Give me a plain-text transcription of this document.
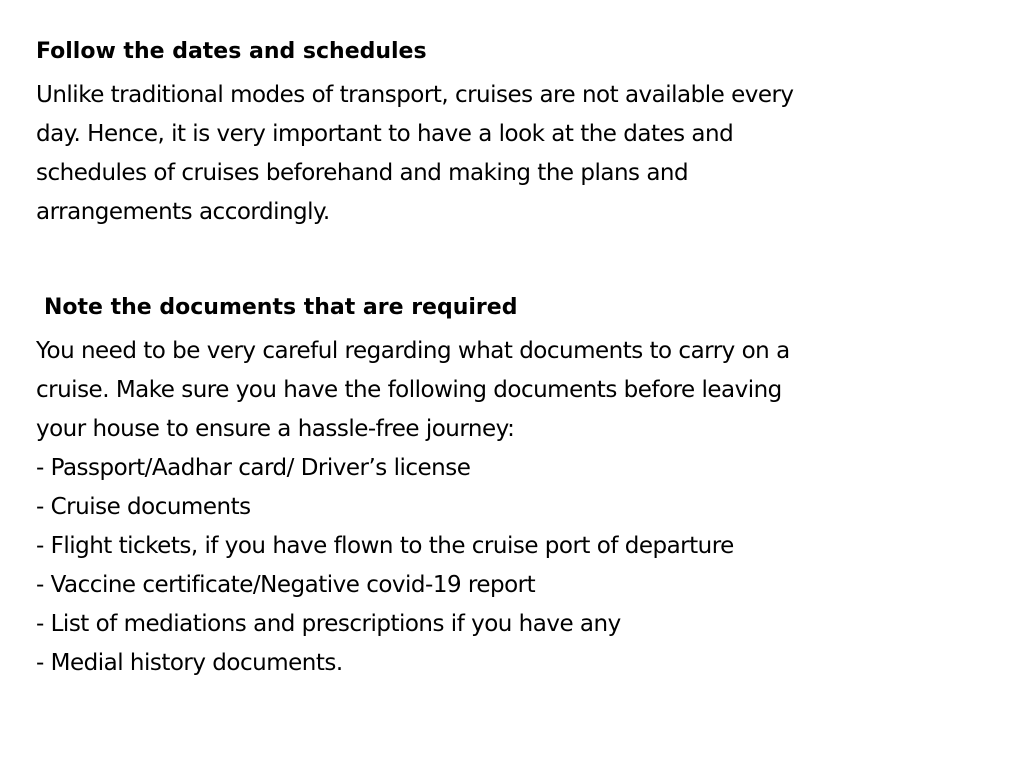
Follow the dates and schedules

Unlike traditional modes of transport, cruises are not available every
day. Hence, it is very important to have a look at the dates and
schedules of cruises beforehand and making the plans and
arrangements accordingly.

Note the documents that are required

You need to be very careful regarding what documents to carry on a
cruise. Make sure you have the following documents before leaving
your house to ensure a hassle-free journey:

- Passport/Aadhar card/ Driver’s license
- Cruise documents
- Flight tickets, if you have flown to the cruise port of departure
- Vaccine certificate/Negative covid-19 report
- List of mediations and prescriptions if you have any
- Medial history documents.
